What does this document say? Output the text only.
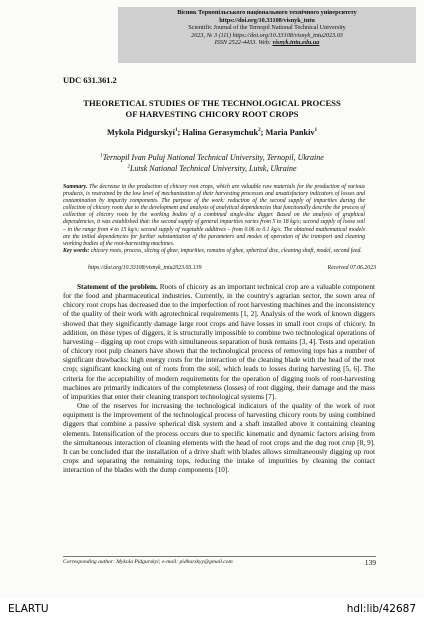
Вісник Тернопільського національного технічного університету
https://doi.org/10.33108/visnyk_tntu
Scientific Journal of the Ternopil National Technical University
2023, № 3 (111) https://doi.org/10.33108/visnyk_tntu2023.03
ISSN 2522-4433. Web: visnyk.tntu.edu.ua
UDC 631.361.2
THEORETICAL STUDIES OF THE TECHNOLOGICAL PROCESS
OF HARVESTING CHICORY ROOT CROPS
Mykola Pidgurskyi$^1$; Halina Gerasymchuk$^2$; Maria Pankiv$^1$
$^1$Ternopil Ivan Puluj National Technical University, Ternopil, Ukraine
$^2$Lutsk National Technical University, Lutsk, Ukraine
Summary. The decrease in the production of chicory root crops, which are valuable raw materials for the production of various products, is restrained by the low level of mechanization of their harvesting processes and unsatisfactory indicators of losses and contamination by impurity components. The purpose of the work: reduction of the second supply of impurities during the collection of chicory roots due to the development and analysis of analytical dependencies that functionally describe the process of collection of chicory roots by the working bodies of a combined single-disc digger. Based on the analysis of graphical dependencies, it was established that: the second supply of general impurities varies from 5 to 18 kg/s; second supply of loose soil – in the range from 4 to 15 kg/s; second supply of vegetable additives – from 0.06 to 0.1 kg/s. The obtained mathematical models are the initial dependencies for further substantiation of the parameters and modes of operation of the transport and cleaning working bodies of the root-harvesting machines.
Key words: chicory roots, process, slicing of ghee, impurities, remains of ghee, spherical disc, cleaning shaft, model, second feed.
https://doi.org/10.33108/visnyk_tntu2023.03.139	Received 07.06.2023

Statement of the problem. Roots of chicory as an important technical crop are a valuable component for the food and pharmaceutical industries. Currently, in the country's agrarian sector, the sown area of chicory root crops has decreased due to the imperfection of root harvesting machines and the inconsistency of the quality of their work with agrotechnical requirements [1, 2]. Analysis of the work of known diggers showed that they significantly damage large root crops and have losses in small root crops of chicory. In addition, on these types of diggers, it is structurally impossible to combine two technological operations of harvesting – digging up root crops with simultaneous separation of husk remains [3, 4]. Tests and operation of chicory root pulp cleaners have shown that the technological process of removing tops has a number of significant drawbacks: high energy costs for the interaction of the cleaning blade with the head of the root crop; significant knocking out of roots from the soil, which leads to losses during harvesting [5, 6]. The criteria for the acceptability of modern requirements for the operation of digging tools of root-harvesting machines are primarily indicators of the completeness (losses) of root digging, their damage and the mass of impurities that enter their cleaning transport technological systems [7].

One of the reserves for increasing the technological indicators of the quality of the work of root equipment is the improvement of the technological process of harvesting chicory roots by using combined diggers that combine a passive spherical disk system and a shaft installed above it containing cleaning elements. Intensification of the process occurs due to specific kinematic and dynamic factors arising from the simultaneous interaction of cleaning elements with the head of root crops and the dug root crop [8, 9]. It can be concluded that the installation of a drive shaft with blades allows simultaneously digging up root crops and separating the remaining tops, reducing the intake of impurities by cleaning the contact interaction of the blades with the dump components [10].

Corresponding author: Mykola Pidgurskyi; e-mail: pidhurskyy@gmail.com	139
ELARTU	hdl:lib/42687
